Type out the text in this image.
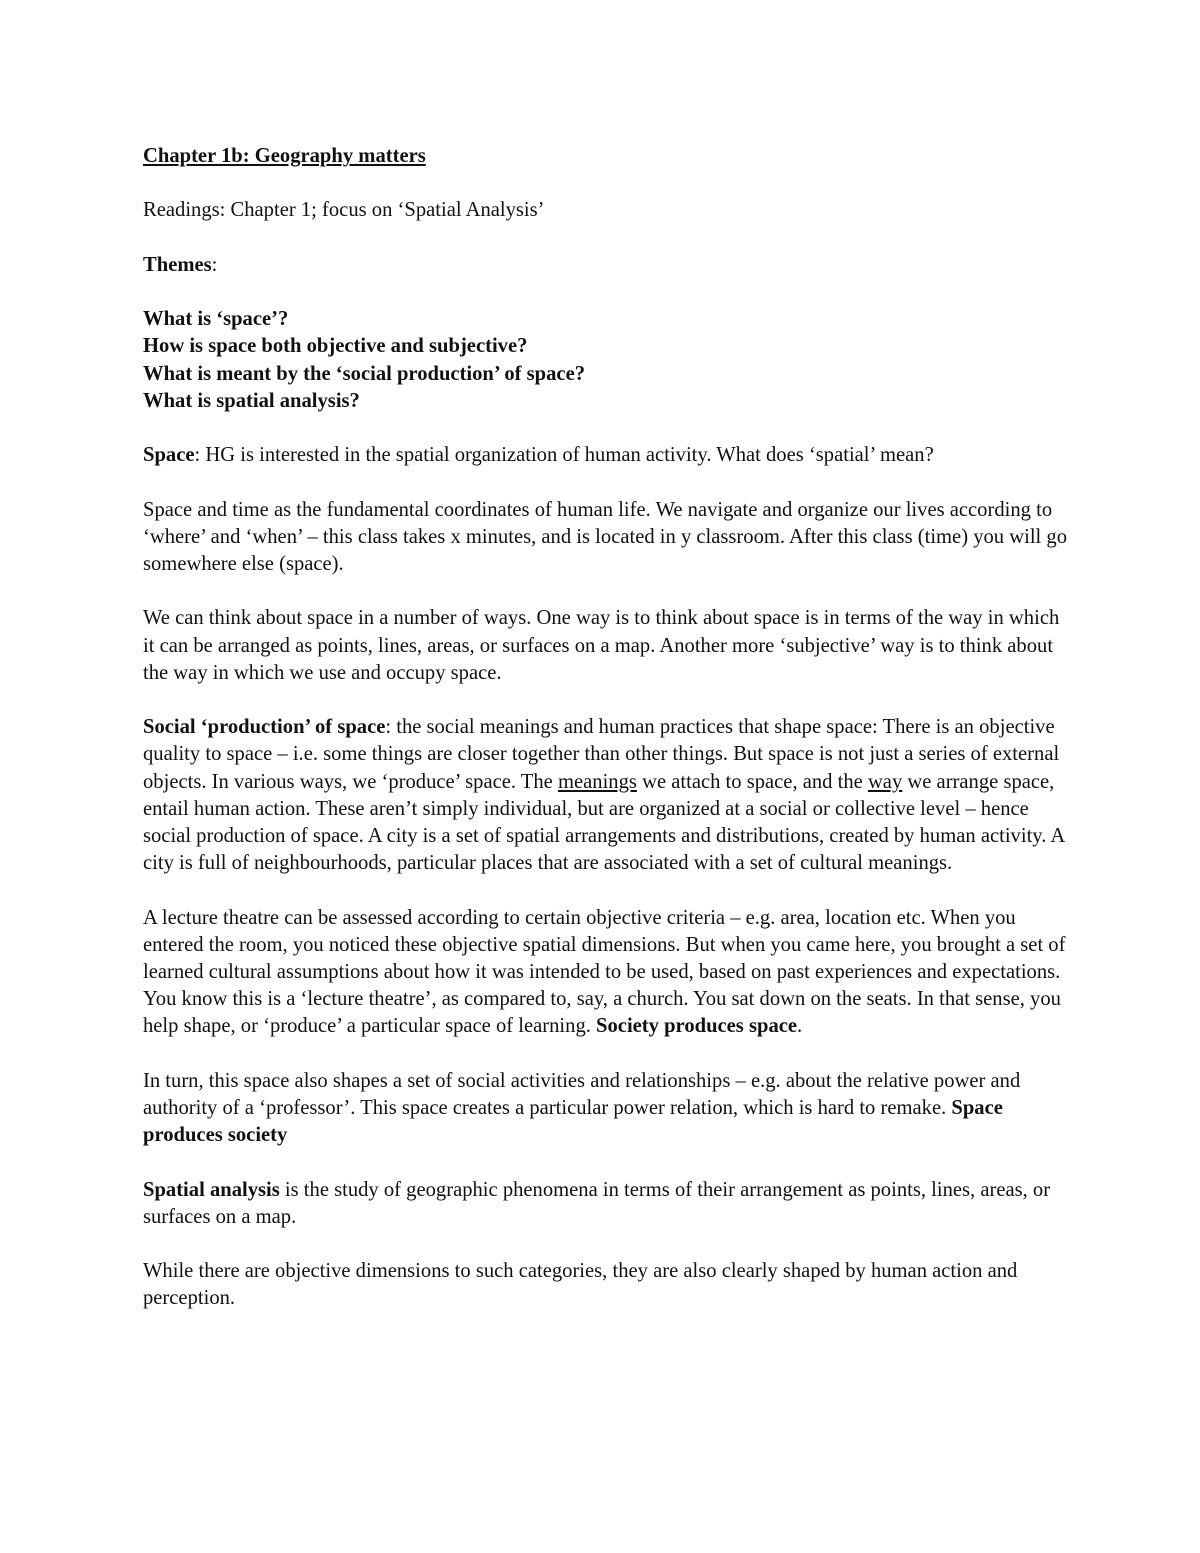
Chapter 1b: Geography matters

Readings: Chapter 1; focus on ‘Spatial Analysis’

Themes:

What is ‘space’?

How is space both objective and subjective?

What is meant by the ‘social production’ of space?

What is spatial analysis?

Space: HG is interested in the spatial organization of human activity. What does ‘spatial’ mean?

Space and time as the fundamental coordinates of human life. We navigate and organize our lives according to ‘where’ and ‘when’ – this class takes x minutes, and is located in y classroom. After this class (time) you will go somewhere else (space).

We can think about space in a number of ways. One way is to think about space is in terms of the way in which it can be arranged as points, lines, areas, or surfaces on a map. Another more ‘subjective’ way is to think about the way in which we use and occupy space.

Social ‘production’ of space: the social meanings and human practices that shape space: There is an objective quality to space – i.e. some things are closer together than other things. But space is not just a series of external objects. In various ways, we ‘produce’ space. The meanings we attach to space, and the way we arrange space, entail human action. These aren’t simply individual, but are organized at a social or collective level – hence social production of space. A city is a set of spatial arrangements and distributions, created by human activity. A city is full of neighbourhoods, particular places that are associated with a set of cultural meanings.

A lecture theatre can be assessed according to certain objective criteria – e.g. area, location etc. When you entered the room, you noticed these objective spatial dimensions. But when you came here, you brought a set of learned cultural assumptions about how it was intended to be used, based on past experiences and expectations. You know this is a ‘lecture theatre’, as compared to, say, a church. You sat down on the seats. In that sense, you help shape, or ‘produce’ a particular space of learning. Society produces space.

In turn, this space also shapes a set of social activities and relationships – e.g. about the relative power and authority of a ‘professor’. This space creates a particular power relation, which is hard to remake. Space produces society

Spatial analysis is the study of geographic phenomena in terms of their arrangement as points, lines, areas, or surfaces on a map.

While there are objective dimensions to such categories, they are also clearly shaped by human action and perception.
